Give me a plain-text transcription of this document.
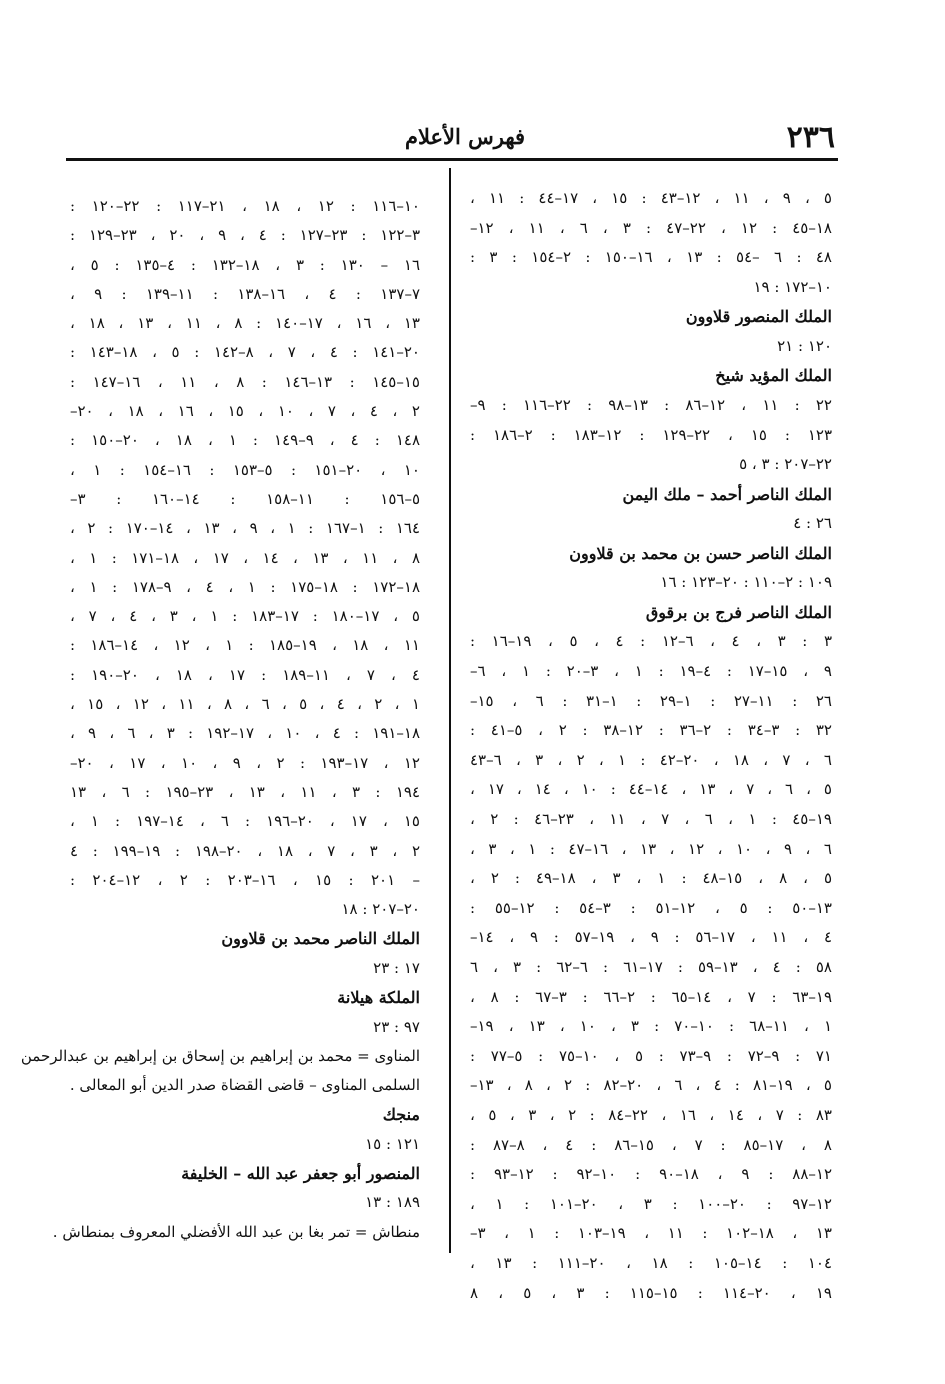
٢٣٦
فهرس الأعلام
٥ ، ٩ ، ١١ ، ١٢–٤٣ : ١٥ ، ١٧–٤٤ : ١١ ،
١٨–٤٥ : ١٢ ، ٢٢–٤٧ : ٣ ، ٦ ، ١١ ، ١٢–
٤٨ : ٦ –٥٤ : ١٣ ، ١٦–١٥٠ : ٢–١٥٤ : ٣ :
١٠–١٧٢ : ١٩
الملك المنصور قلاوون
١٢٠ : ٢١
الملك المؤيد شيخ
٢٢ : ١١ ، ١٢–٨٦ : ١٣–٩٨ : ٢٢–١١٦ : ٩–
١٢٣ : ١٥ ، ٢٢–١٢٩ : ١٢–١٨٣ : ٢–١٨٦ :
٢٢–٢٠٧ : ٣ ، ٥
الملك الناصر أحمد – ملك اليمن
٢٦ : ٤
الملك الناصر حسن بن محمد بن قلاوون
١٠٩ : ٢–١١٠ : ٢٠–١٢٣ : ١٦
الملك الناصر فرج بن برقوق
٣ : ٣ ، ٤ ، ٦–١٢ : ٤ ، ٥ ، ١٩–١٦ :
٩ ، ١٥–١٧ : ٤–١٩ : ١ ، ٣–٢٠ : ١ ، ٦–
٢٦ : ١١–٢٧ : ١–٢٩ : ١–٣١ : ٦ ، ١٥–
٣٢ : ٣–٣٤ : ٢–٣٦ : ١٢–٣٨ : ٢ ، ٥–٤١ :
٦ ، ٧ ، ١٨ ، ٢٠–٤٢ : ١ ، ٢ ، ٣ ، ٦–٤٣
٥ ، ٦ ، ٧ ، ١٣ ، ١٤–٤٤ : ١٠ ، ١٤ ، ١٧ ،
١٩–٤٥ : ١ ، ٦ ، ٧ ، ١١ ، ٢٣–٤٦ : ٢ ،
٦ ، ٩ ، ١٠ ، ١٢ ، ١٣ ، ١٦–٤٧ : ١ ، ٣ ،
٥ ، ٨ ، ١٥–٤٨ : ١ ، ٣ ، ١٨–٤٩ : ٢ ،
١٣–٥٠ : ٥ ، ١٢–٥١ : ٣–٥٤ : ١٢–٥٥ :
٤ ، ١١ ، ١٧–٥٦ : ٩ ، ١٩–٥٧ : ٩ ، ١٤–
٥٨ : ٤ ، ١٣–٥٩ : ١٧–٦١ : ٦–٦٢ : ٣ ، ٦
١٩–٦٣ : ٧ ، ١٤–٦٥ : ٢–٦٦ : ٣–٦٧ : ٨ ،
١ ، ١١–٦٨ : ١٠–٧٠ : ٣ ، ١٠ ، ١٣ ، ١٩–
٧١ : ٩–٧٢ : ٩–٧٣ : ٥ ، ١٠–٧٥ : ٥–٧٧ :
٥ ، ١٩–٨١ : ٤ ، ٦ ، ٢٠–٨٢ : ٢ ، ٨ ، ١٣–
٨٣ : ٧ ، ١٤ ، ١٦ ، ٢٢–٨٤ : ٢ ، ٣ ، ٥ ،
٨ ، ١٧–٨٥ : ٧ ، ١٥–٨٦ : ٤ ، ٨–٨٧ :
١٢–٨٨ : ٩ ، ١٨–٩٠ : ١٠–٩٢ : ١٢–٩٣ :
١٢–٩٧ : ٢٠–١٠٠ : ٣ ، ٢٠–١٠١ : ١ ،
١٣ ، ١٨–١٠٢ : ١١ ، ١٩–١٠٣ : ١ ، ٣–
١٠٤ : ١٤–١٠٥ : ١٨ ، ٢٠–١١١ : ١٣ ،
١٩ ، ٢٠–١١٤ : ١٥–١١٥ : ٣ ، ٥ ، ٨
١٠–١١٦ : ١٢ ، ١٨ ، ٢١–١١٧ : ٢٢–١٢٠ :
٣–١٢٢ : ٢٣–١٢٧ : ٤ ، ٩ ، ٢٠ ، ٢٣–١٢٩ :
١٦ – ١٣٠ : ٣ ، ١٨–١٣٢ : ٤–١٣٥ : ٥ ،
٧–١٣٧ : ٤ ، ١٦–١٣٨ : ١١–١٣٩ : ٩ ،
١٣ ، ١٦ ، ١٧–١٤٠ : ٨ ، ١١ ، ١٣ ، ١٨ ،
٢٠–١٤١ : ٤ ، ٧ ، ٨–١٤٢ : ٥ ، ١٨–١٤٣ :
١٥–١٤٥ : ١٣–١٤٦ : ٨ ، ١١ ، ١٦–١٤٧ :
٢ ، ٤ ، ٧ ، ١٠ ، ١٥ ، ١٦ ، ١٨ ، ٢٠–
١٤٨ : ٤ ، ٩–١٤٩ : ١ ، ١٨ ، ٢٠–١٥٠ :
١٠ ، ٢٠–١٥١ : ٥–١٥٣ : ١٦–١٥٤ : ١ ،
٥–١٥٦ : ١١–١٥٨ : ١٤–١٦٠ : ٣–
١٦٤ : ١–١٦٧ : ١ ، ٩ ، ١٣ ، ١٤–١٧٠ : ٢ ،
٨ ، ١١ ، ١٣ ، ١٤ ، ١٧ ، ١٨–١٧١ : ١ ،
١٨–١٧٢ : ١٨–١٧٥ : ١ ، ٤ ، ٩–١٧٨ : ١ ،
٥ ، ١٧–١٨٠ : ١٧–١٨٣ : ١ ، ٣ ، ٤ ، ٧ ،
١١ ، ١٨ ، ١٩–١٨٥ : ١ ، ١٢ ، ١٤–١٨٦ :
٤ ، ٧ ، ١١–١٨٩ : ١٧ ، ١٨ ، ٢٠–١٩٠ :
١ ، ٢ ، ٤ ، ٥ ، ٦ ، ٨ ، ١١ ، ١٢ ، ١٥ ،
١٨–١٩١ : ٤ ، ١٠ ، ١٧–١٩٢ : ٣ ، ٦ ، ٩ ،
١٢ ، ١٧–١٩٣ : ٢ ، ٩ ، ١٠ ، ١٧ ، ٢٠–
١٩٤ : ٣ ، ١١ ، ١٣ ، ٢٣–١٩٥ : ٦ ، ١٣
١٥ ، ١٧ ، ٢٠–١٩٦ : ٦ ، ١٤–١٩٧ : ١ ،
٢ ، ٣ ، ٧ ، ١٨ ، ٢٠–١٩٨ : ١٩–١٩٩ : ٤
– ٢٠١ : ١٥ ، ١٦–٢٠٣ : ٢ ، ١٢–٢٠٤ :
٢٠–٢٠٧ : ١٨
الملك الناصر محمد بن قلاوون
١٧ : ٢٣
الملكة هيلانة
٩٧ : ٢٣
المناوى = محمد بن إبراهيم بن إسحاق بن إبراهيم بن عبدالرحمن
السلمى المناوى – قاضى القضاة صدر الدين أبو المعالى .
منجك
١٢١ : ١٥
المنصور أبو جعفر عبد الله – الخليفة
١٨٩ : ١٣
منطاش = تمر بغا بن عبد الله الأفضلي المعروف بمنطاش .
